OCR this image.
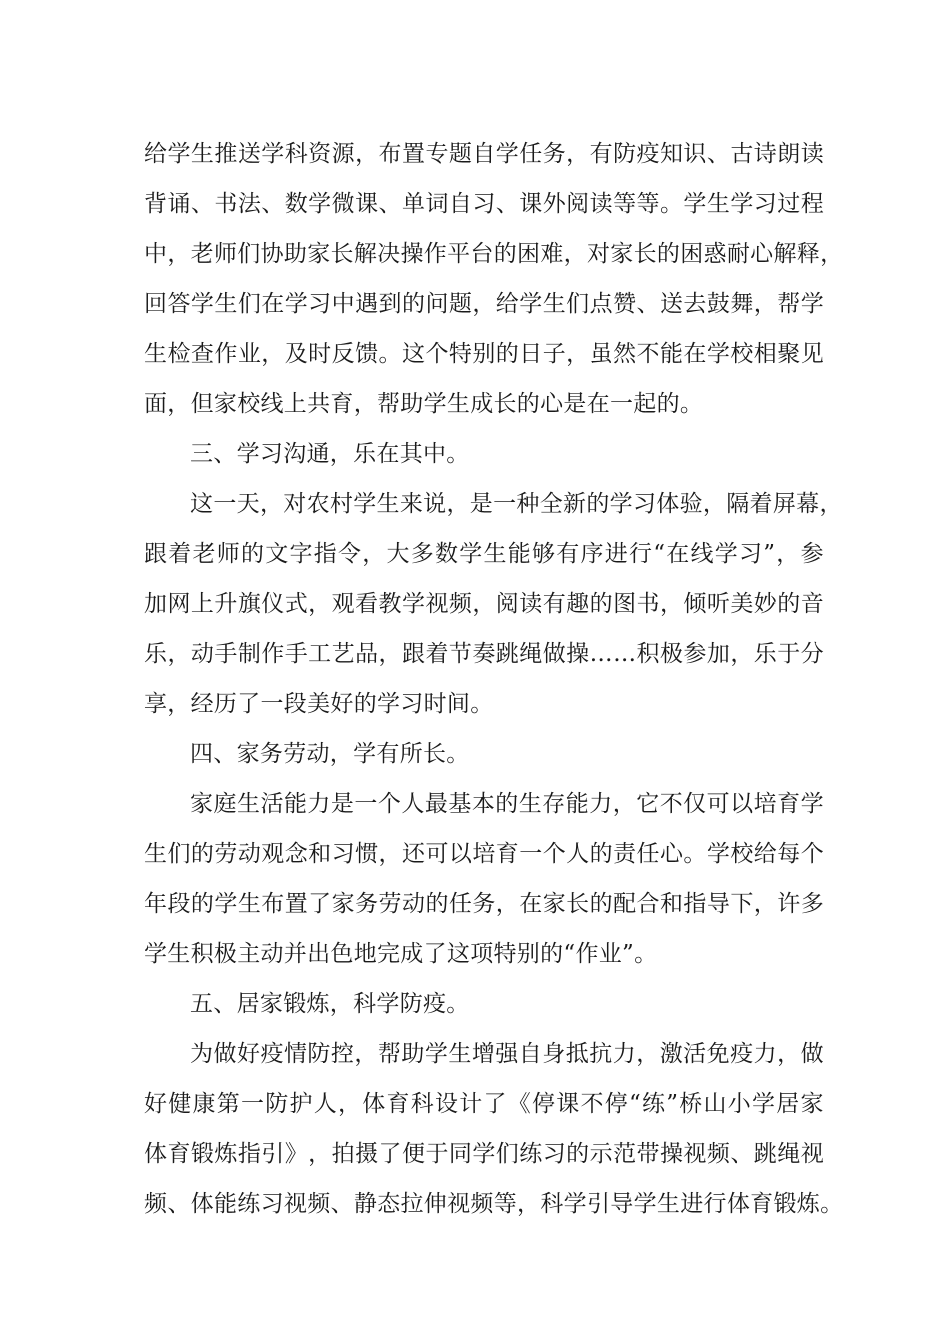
给 学 生 推 送 学 科 资 源 ， 布 置 专 题 自 学 任 务 ， 有 防 疫 知 识 、 古 诗 朗 读
背 诵 、 书 法 、 数 学 微 课 、 单 词 自 习 、 课 外 阅 读 等 等 。 学 生 学 习 过 程
中 ， 老 师 们 协 助 家 长 解 决 操 作 平 台 的 困 难 ， 对 家 长 的 困 惑 耐 心 解 释 ，
回 答 学 生 们 在 学 习 中 遇 到 的 问 题 ， 给 学 生 们 点 赞 、 送 去 鼓 舞 ， 帮 学
生 检 查 作 业 ， 及 时 反 馈 。 这 个 特 别 的 日 子 ， 虽 然 不 能 在 学 校 相 聚 见
面，但家校线上共育，帮助学生成长的心是在一起的。
三、学习沟通，乐在其中。
这 一 天 ， 对 农 村 学 生 来 说 ， 是 一 种 全 新 的 学 习 体 验 ， 隔 着 屏 幕 ，
跟 着 老 师 的 文 字 指 令 ， 大 多 数 学 生 能 够 有 序 进 行 “ 在 线 学 习 ” ， 参
加 网 上 升 旗 仪 式 ， 观 看 教 学 视 频 ， 阅 读 有 趣 的 图 书 ， 倾 听 美 妙 的 音
乐 ， 动 手 制 作 手 工 艺 品 ， 跟 着 节 奏 跳 绳 做 操 … … 积 极 参 加 ， 乐 于 分
享，经历了一段美好的学习时间。
四、家务劳动，学有所长。
家 庭 生 活 能 力 是 一 个 人 最 基 本 的 生 存 能 力 ， 它 不 仅 可 以 培 育 学
生 们 的 劳 动 观 念 和 习 惯 ， 还 可 以 培 育 一 个 人 的 责 任 心 。 学 校 给 每 个
年 段 的 学 生 布 置 了 家 务 劳 动 的 任 务 ， 在 家 长 的 配 合 和 指 导 下 ， 许 多
学生积极主动并出色地完成了这项特别的“作业”。
五、居家锻炼，科学防疫。
为 做 好 疫 情 防 控 ， 帮 助 学 生 增 强 自 身 抵 抗 力 ， 激 活 免 疫 力 ， 做
好 健 康 第 一 防 护 人 ， 体 育 科 设 计 了 《 停 课 不 停 “ 练 ” 桥 山 小 学 居 家
体 育 锻 炼 指 引 》 ， 拍 摄 了 便 于 同 学 们 练 习 的 示 范 带 操 视 频 、 跳 绳 视
频 、 体 能 练 习 视 频 、 静 态 拉 伸 视 频 等 ， 科 学 引 导 学 生 进 行 体 育 锻 炼 。
